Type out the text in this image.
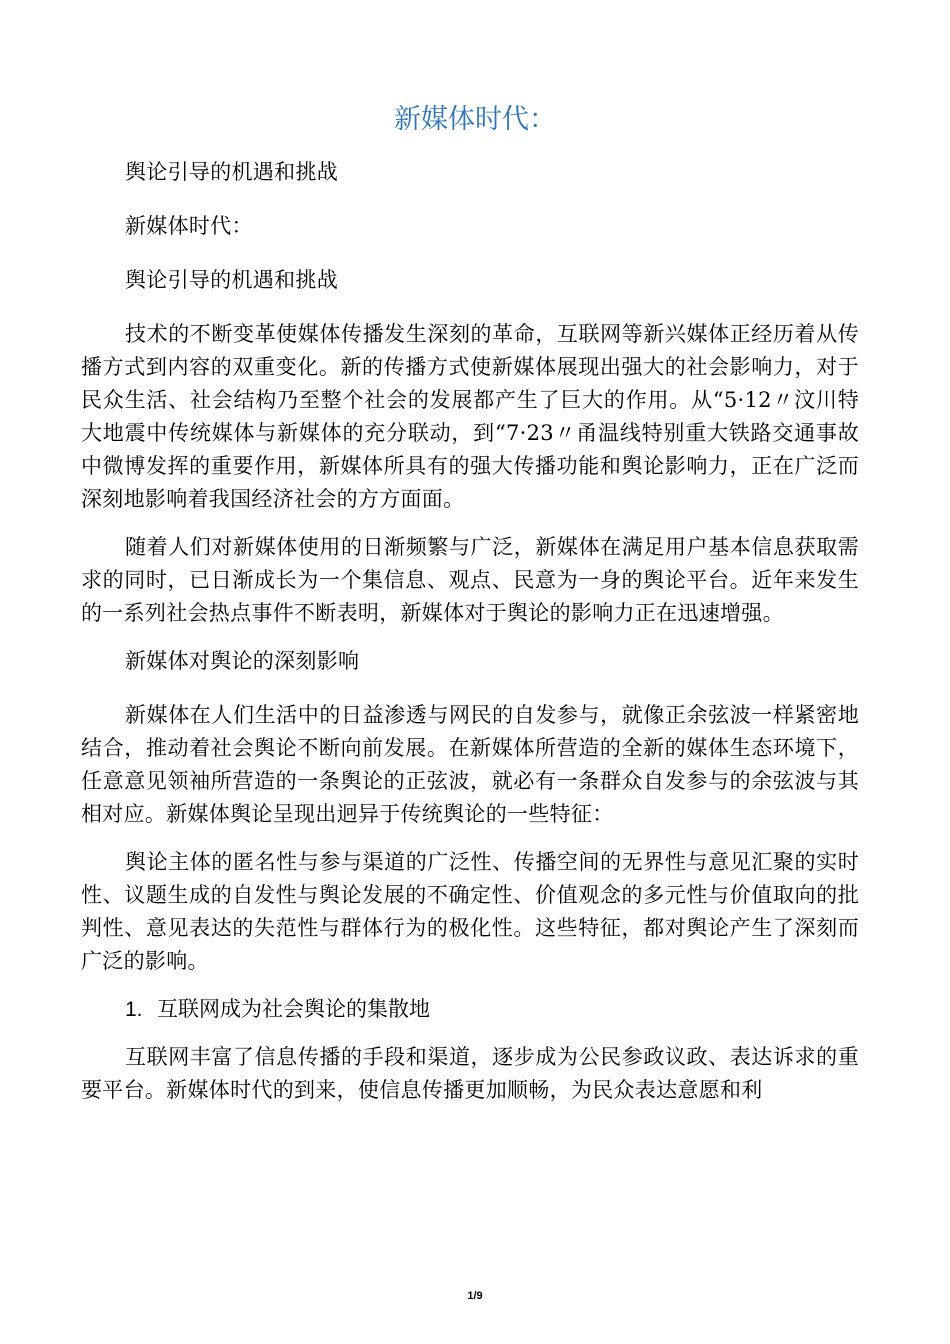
新媒体时代：

舆论引导的机遇和挑战

新媒体时代：

舆论引导的机遇和挑战

技术的不断变革使媒体传播发生深刻的革命，互联网等新兴媒体正经历着从传播方式到内容的双重变化。新的传播方式使新媒体展现出强大的社会影响力，对于民众生活、社会结构乃至整个社会的发展都产生了巨大的作用。从“5·12〃汶川特大地震中传统媒体与新媒体的充分联动，到“7·23〃甬温线特别重大铁路交通事故中微博发挥的重要作用，新媒体所具有的强大传播功能和舆论影响力，正在广泛而深刻地影响着我国经济社会的方方面面。

随着人们对新媒体使用的日渐频繁与广泛，新媒体在满足用户基本信息获取需求的同时，已日渐成长为一个集信息、观点、民意为一身的舆论平台。近年来发生的一系列社会热点事件不断表明，新媒体对于舆论的影响力正在迅速增强。

新媒体对舆论的深刻影响

新媒体在人们生活中的日益渗透与网民的自发参与，就像正余弦波一样紧密地结合，推动着社会舆论不断向前发展。在新媒体所营造的全新的媒体生态环境下，任意意见领袖所营造的一条舆论的正弦波，就必有一条群众自发参与的余弦波与其相对应。新媒体舆论呈现出迥异于传统舆论的一些特征：

舆论主体的匿名性与参与渠道的广泛性、传播空间的无界性与意见汇聚的实时性、议题生成的自发性与舆论发展的不确定性、价值观念的多元性与价值取向的批判性、意见表达的失范性与群体行为的极化性。这些特征，都对舆论产生了深刻而广泛的影响。

1. 互联网成为社会舆论的集散地

互联网丰富了信息传播的手段和渠道，逐步成为公民参政议政、表达诉求的重要平台。新媒体时代的到来，使信息传播更加顺畅，为民众表达意愿和利

1/9
